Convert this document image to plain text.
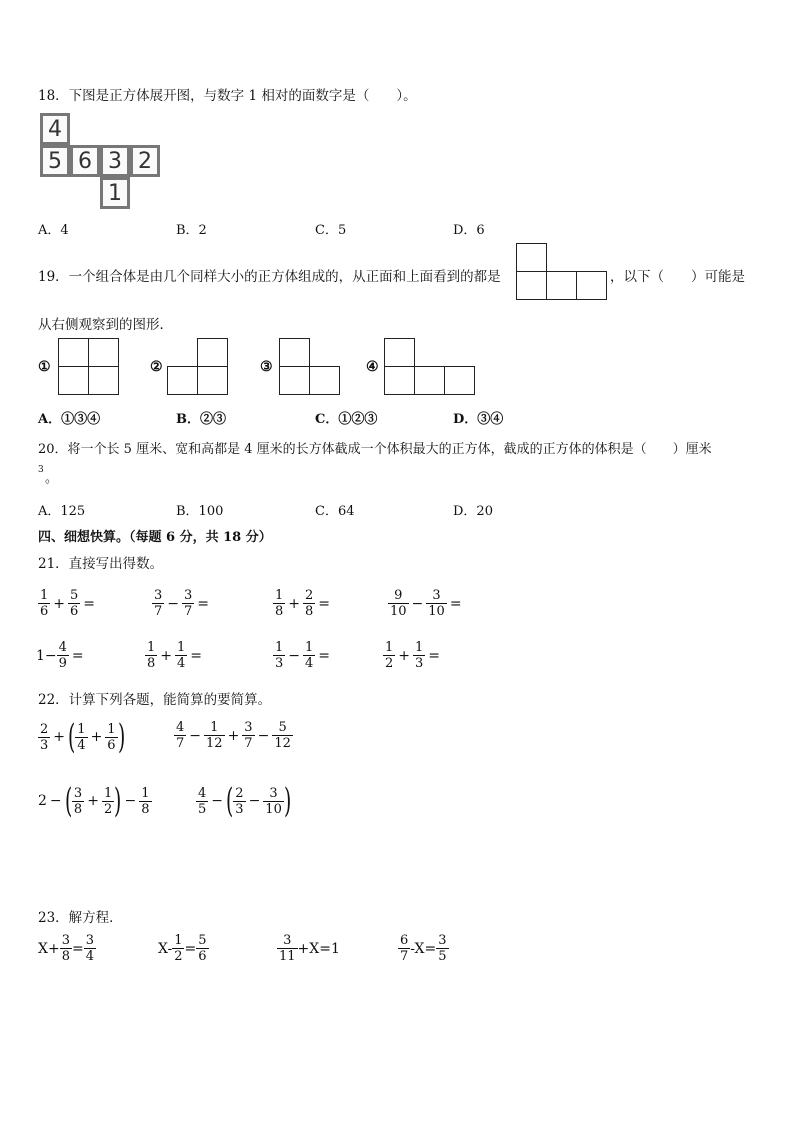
18．下图是正方体展开图，与数字 1 相对的面数字是（　　）。
4
5 6 3 2
1
A．4	B．2	C．5	D．6
19．一个组合体是由几个同样大小的正方体组成的，从正面和上面看到的都是	，以下（　　）可能是
从右侧观察到的图形．
①	②	③	④
A．①③④	B．②③	C．①②③	D．③④
20．将一个长 5 厘米、宽和高都是 4 厘米的长方体截成一个体积最大的正方体，截成的正方体的体积是（　　）厘米
3
。
A．125	B．100	C．64	D．20
四、细想快算。（每题 6 分，共 18 分）
21．直接写出得数。
$\frac{1}{6} + \frac{5}{6}$ =	$\frac{3}{7} - \frac{3}{7}$ =	$\frac{1}{8} + \frac{2}{8}$ =	$\frac{9}{10} - \frac{3}{10}$ =
$1- \frac{4}{9}$ =	$\frac{1}{8} + \frac{1}{4}$ =	$\frac{1}{3} - \frac{1}{4}$ =	$\frac{1}{2} + \frac{1}{3}$ =
22．计算下列各题，能简算的要简算。
$\frac{2}{3}$ + ( $\frac{1}{4} + \frac{1}{6}$ )	$\frac{4}{7} - \frac{1}{12} + \frac{3}{7} - \frac{5}{12}$
2 − ( $\frac{3}{8} + \frac{1}{2}$ ) − $\frac{1}{8}$	$\frac{4}{5}$ − ( $\frac{2}{3} - \frac{3}{10}$ )
23．解方程．
$X+ \frac{3}{8} = \frac{3}{4}$	$X- \frac{1}{2} = \frac{5}{6}$	$\frac{3}{11} +X=1$	$\frac{6}{7} -X= \frac{3}{5}$
